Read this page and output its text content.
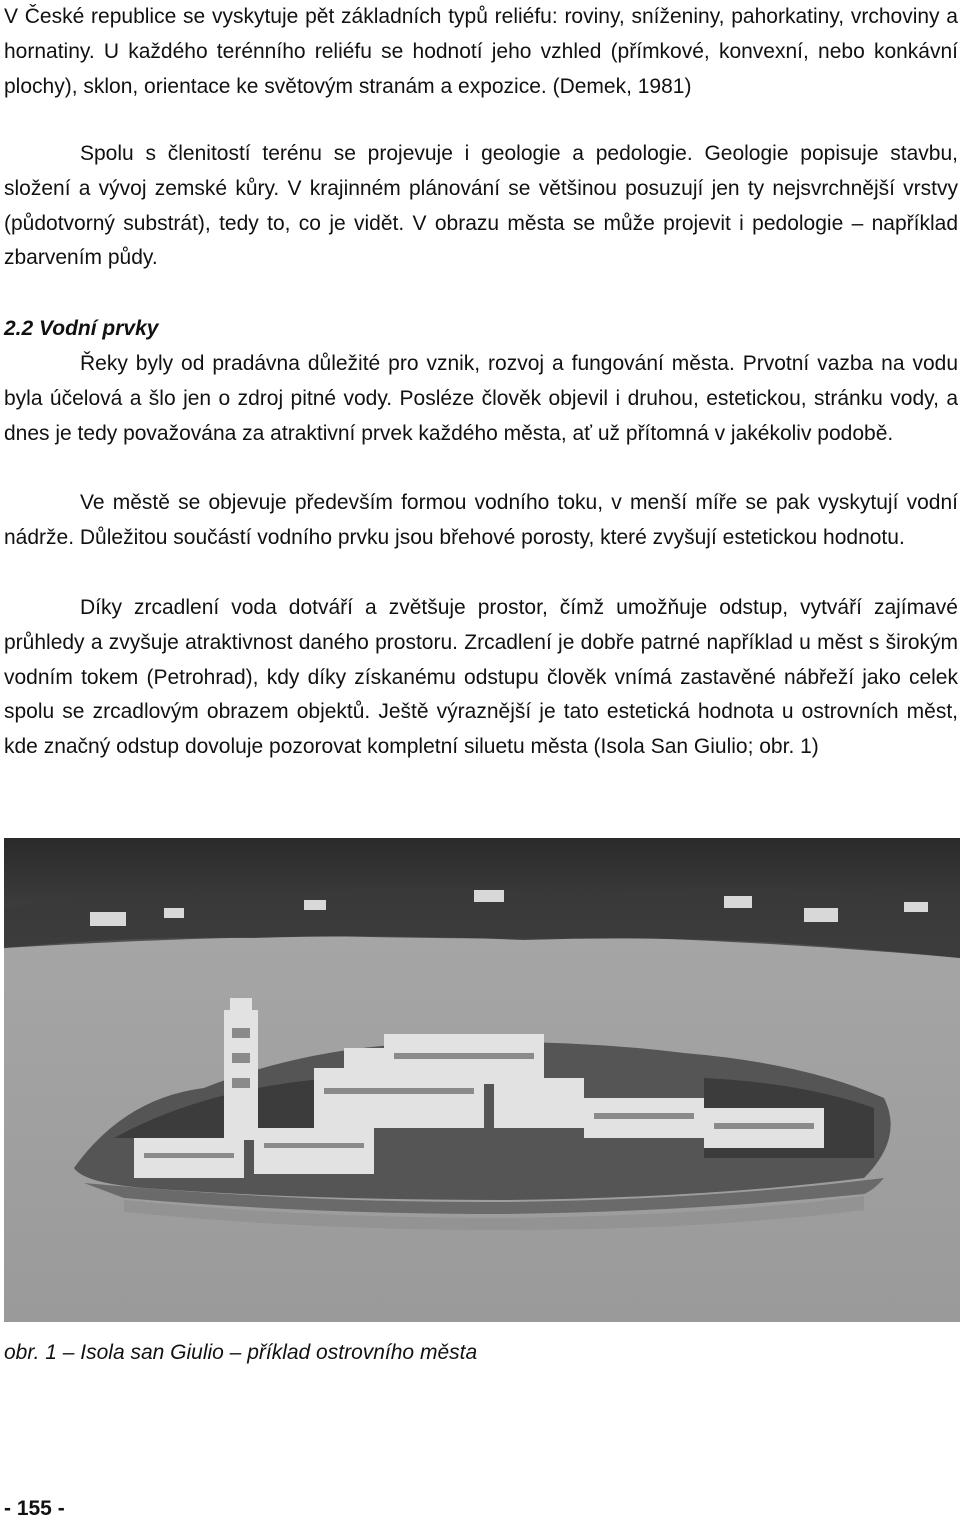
V České republice se vyskytuje pět základních typů reliéfu: roviny, sníženiny, pahorkatiny, vrchoviny a hornatiny. U každého terénního reliéfu se hodnotí jeho vzhled (přímkové, konvexní, nebo konkávní plochy), sklon, orientace ke světovým stranám a expozice. (Demek, 1981)

Spolu s členitostí terénu se projevuje i geologie a pedologie. Geologie popisuje stavbu, složení a vývoj zemské kůry. V krajinném plánování se většinou posuzují jen ty nejsvrchnější vrstvy (půdotvorný substrát), tedy to, co je vidět. V obrazu města se může projevit i pedologie – například zbarvením půdy.

2.2 Vodní prvky

Řeky byly od pradávna důležité pro vznik, rozvoj a fungování města. Prvotní vazba na vodu byla účelová a šlo jen o zdroj pitné vody. Posléze člověk objevil i druhou, estetickou, stránku vody, a dnes je tedy považována za atraktivní prvek každého města, ať už přítomná v jakékoliv podobě.

Ve městě se objevuje především formou vodního toku, v menší míře se pak vyskytují vodní nádrže. Důležitou součástí vodního prvku jsou břehové porosty, které zvyšují estetickou hodnotu.

Díky zrcadlení voda dotváří a zvětšuje prostor, čímž umožňuje odstup, vytváří zajímavé průhledy a zvyšuje atraktivnost daného prostoru. Zrcadlení je dobře patrné například u měst s širokým vodním tokem (Petrohrad), kdy díky získanému odstupu člověk vnímá zastavěné nábřeží jako celek spolu se zrcadlovým obrazem objektů. Ještě výraznější je tato estetická hodnota u ostrovních měst, kde značný odstup dovoluje pozorovat kompletní siluetu města (Isola San Giulio; obr. 1)

obr. 1 – Isola san Giulio – příklad ostrovního města

- 155 -
